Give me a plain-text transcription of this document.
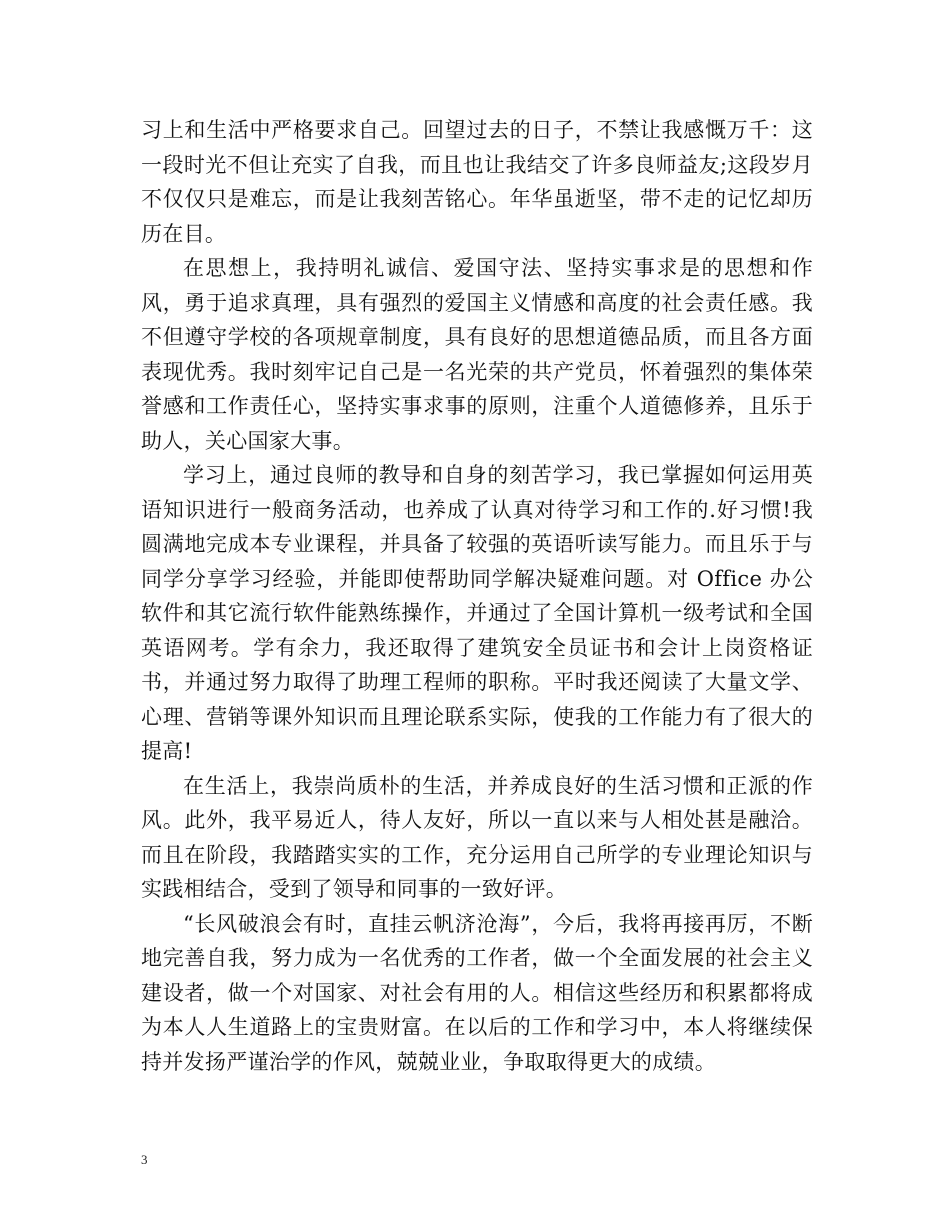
习上和生活中严格要求自己。回望过去的日子，不禁让我感慨万千：这一段时光不但让充实了自我，而且也让我结交了许多良师益友;这段岁月不仅仅只是难忘，而是让我刻苦铭心。年华虽逝坚，带不走的记忆却历历在目。

在思想上，我持明礼诚信、爱国守法、坚持实事求是的思想和作风，勇于追求真理，具有强烈的爱国主义情感和高度的社会责任感。我不但遵守学校的各项规章制度，具有良好的思想道德品质，而且各方面表现优秀。我时刻牢记自己是一名光荣的共产党员，怀着强烈的集体荣誉感和工作责任心，坚持实事求事的原则，注重个人道德修养，且乐于助人，关心国家大事。

学习上，通过良师的教导和自身的刻苦学习，我已掌握如何运用英语知识进行一般商务活动，也养成了认真对待学习和工作的.好习惯!我圆满地完成本专业课程，并具备了较强的英语听读写能力。而且乐于与同学分享学习经验，并能即使帮助同学解决疑难问题。对 Office 办公软件和其它流行软件能熟练操作，并通过了全国计算机一级考试和全国英语网考。学有余力，我还取得了建筑安全员证书和会计上岗资格证书，并通过努力取得了助理工程师的职称。平时我还阅读了大量文学、心理、营销等课外知识而且理论联系实际，使我的工作能力有了很大的提高!

在生活上，我崇尚质朴的生活，并养成良好的生活习惯和正派的作风。此外，我平易近人，待人友好，所以一直以来与人相处甚是融洽。而且在阶段，我踏踏实实的工作，充分运用自己所学的专业理论知识与实践相结合，受到了领导和同事的一致好评。

“长风破浪会有时，直挂云帆济沧海”，今后，我将再接再厉，不断地完善自我，努力成为一名优秀的工作者，做一个全面发展的社会主义建设者，做一个对国家、对社会有用的人。相信这些经历和积累都将成为本人人生道路上的宝贵财富。在以后的工作和学习中，本人将继续保持并发扬严谨治学的作风，兢兢业业，争取取得更大的成绩。

3
